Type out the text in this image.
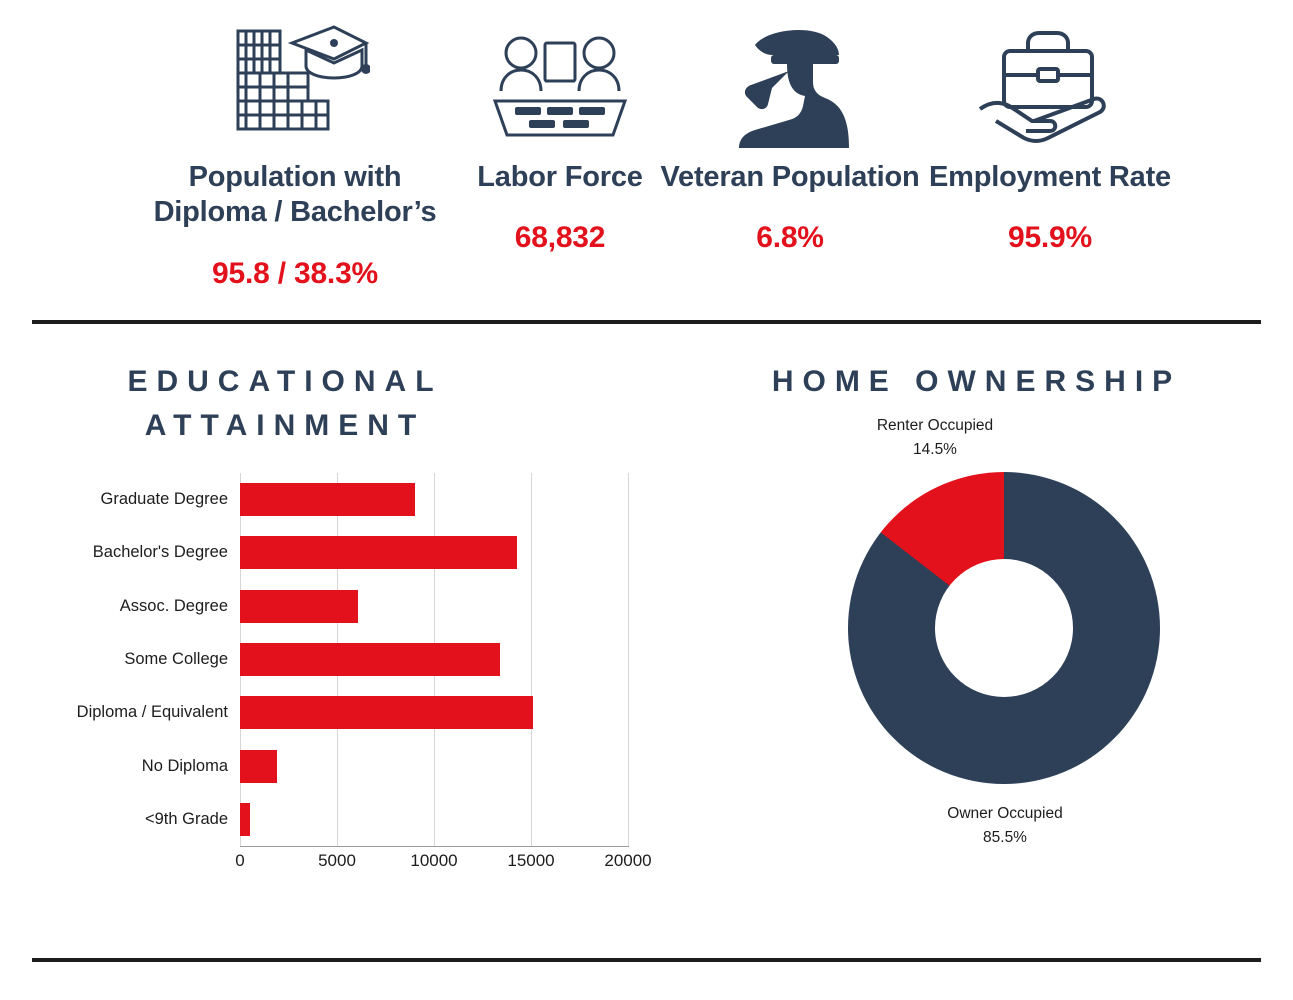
Population with Diploma / Bachelor’s
95.8 / 38.3%
Labor Force
68,832
Veteran Population
6.8%
Employment Rate
95.9%
EDUCATIONAL ATTAINMENT
Graduate Degree
Bachelor's Degree
Assoc. Degree
Some College
Diploma / Equivalent
No Diploma
<9th Grade
0	5000	10000	15000	20000
HOME OWNERSHIP
Renter Occupied
14.5%
Owner Occupied
85.5%
